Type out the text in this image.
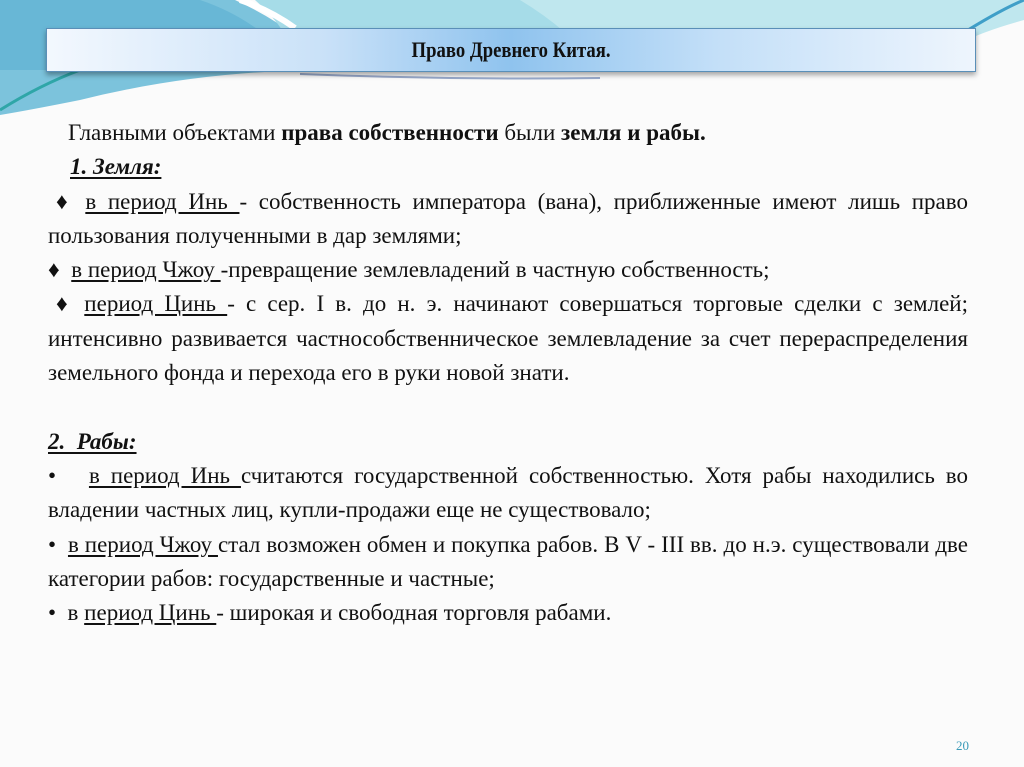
Право Древнего Китая.

Главными объектами права собственности были земля и рабы.

1. Земля:

♦ в период Инь - собственность императора (вана), приближенные имеют лишь право пользования полученными в дар землями;

♦  в период Чжоу -превращение землевладений в частную собственность;

♦ период Цинь - с сер. I в. до н. э. начинают совершаться торговые сделки с землей; интенсивно развивается частнособственническое землевладение за счет перераспределения земельного фонда и перехода его в руки новой знати.

2.  Рабы:

•   в период Инь считаются государственной собственностью. Хотя рабы находились во владении частных лиц, купли-продажи еще не существовало;

•  в период Чжоу стал возможен обмен и покупка рабов. В V - III вв. до н.э. существовали две категории рабов: государственные и частные;

•  в период Цинь - широкая и свободная торговля рабами.

20
